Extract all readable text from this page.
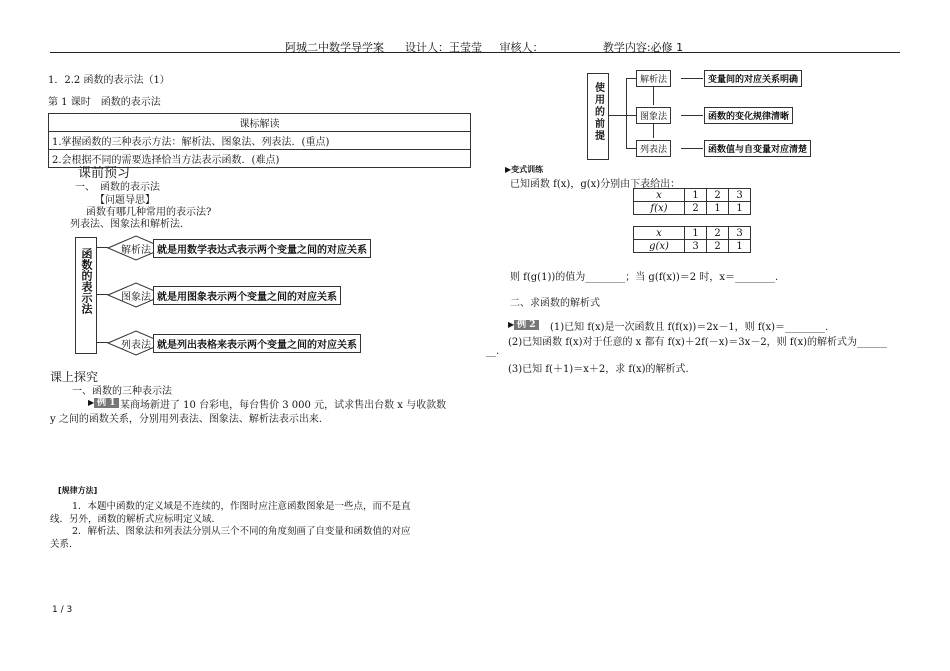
阿城二中数学导学案      设计人：王莹莹     审核人：                 教学内容:必修 1
1．2.2 函数的表示法（1）
第 1 课时　函数的表示法
课标解读
1.掌握函数的三种表示方法：解析法、图象法、列表法．(重点)
2.会根据不同的需要选择恰当方法表示函数．(难点)
课前预习
一、　函数的表示法
【问题导思】
函数有哪几种常用的表示法?
列表法、图象法和解析法.
函数的表示法	解析法
图象法
列表法
就是用数学表达式表示两个变量之间的对应关系
就是用图象表示两个变量之间的对应关系
就是列出表格来表示两个变量之间的对应关系
课上探究
一、函数的三种表示法
▶ 例 1 某商场新进了 10 台彩电，每台售价 3 000 元，试求售出台数 x 与收款数
y 之间的函数关系，分别用列表法、图象法、解析法表示出来.
[规律方法]
1．本题中函数的定义域是不连续的，作图时应注意函数图象是一些点，而不是直
线．另外，函数的解析式应标明定义域．
2．解析法、图象法和列表法分别从三个不同的角度刻画了自变量和函数值的对应
关系.
1 / 3
使用的前提
解析法
图象法
列表法
变量间的对应关系明确
函数的变化规律清晰
函数值与自变量对应清楚
▶变式训练
已知函数 f(x)，g(x)分别由下表给出：
x	1	2	3
f(x)	2	1	1
x	1	2	3
g(x)	3	2	1
则 f(g(1))的值为________；当 g(f(x))＝2 时，x＝________.
二、求函数的解析式
▶ 例 2	(1)已知 f(x)是一次函数且 f(f(x))＝2x－1，则 f(x)＝________.
(2)已知函数 f(x)对于任意的 x 都有 f(x)＋2f(－x)＝3x－2，则 f(x)的解析式为______
__.
(3)已知 f(＋1)＝x＋2，求 f(x)的解析式.
